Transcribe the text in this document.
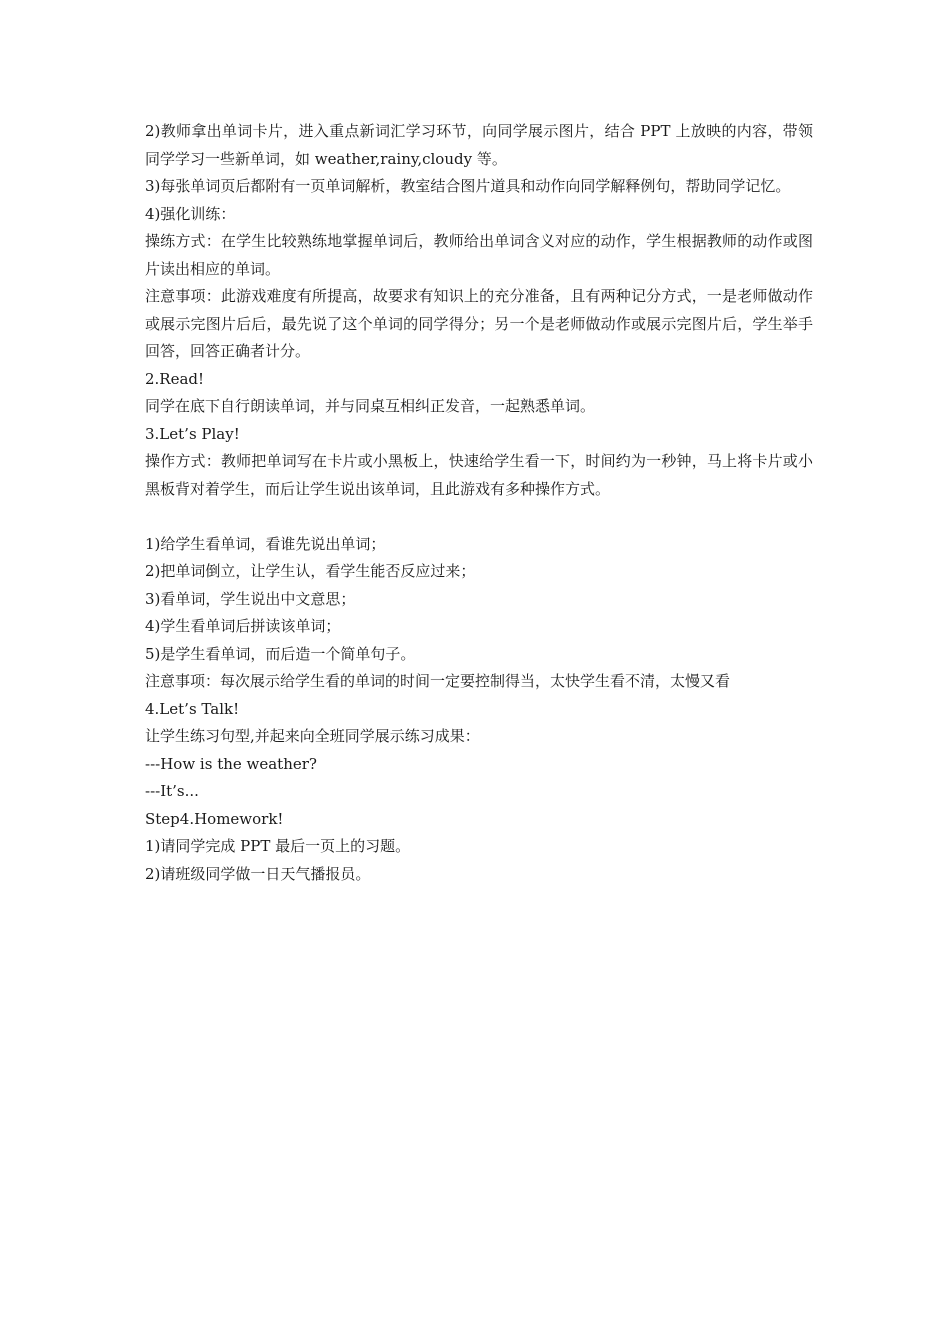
2)教师拿出单词卡片，进入重点新词汇学习环节，向同学展示图片，结合 PPT 上放映的内容，带领同学学习一些新单词，如 weather,rainy,cloudy 等。

3)每张单词页后都附有一页单词解析，教室结合图片道具和动作向同学解释例句，帮助同学记忆。

4)强化训练：

操练方式：在学生比较熟练地掌握单词后，教师给出单词含义对应的动作，学生根据教师的动作或图片读出相应的单词。

注意事项：此游戏难度有所提高，故要求有知识上的充分准备，且有两种记分方式，一是老师做动作或展示完图片后后，最先说了这个单词的同学得分；另一个是老师做动作或展示完图片后，学生举手回答，回答正确者计分。

2.Read!

同学在底下自行朗读单词，并与同桌互相纠正发音，一起熟悉单词。

3.Let’s Play!

操作方式：教师把单词写在卡片或小黑板上，快速给学生看一下，时间约为一秒钟，马上将卡片或小黑板背对着学生，而后让学生说出该单词，且此游戏有多种操作方式。

1)给学生看单词，看谁先说出单词；

2)把单词倒立，让学生认，看学生能否反应过来；

3)看单词，学生说出中文意思；

4)学生看单词后拼读该单词；

5)是学生看单词，而后造一个简单句子。

注意事项：每次展示给学生看的单词的时间一定要控制得当，太快学生看不清，太慢又看

4.Let’s Talk!

让学生练习句型,并起来向全班同学展示练习成果：

---How is the weather?

---It’s...

Step4.Homework!

1)请同学完成 PPT 最后一页上的习题。

2)请班级同学做一日天气播报员。
